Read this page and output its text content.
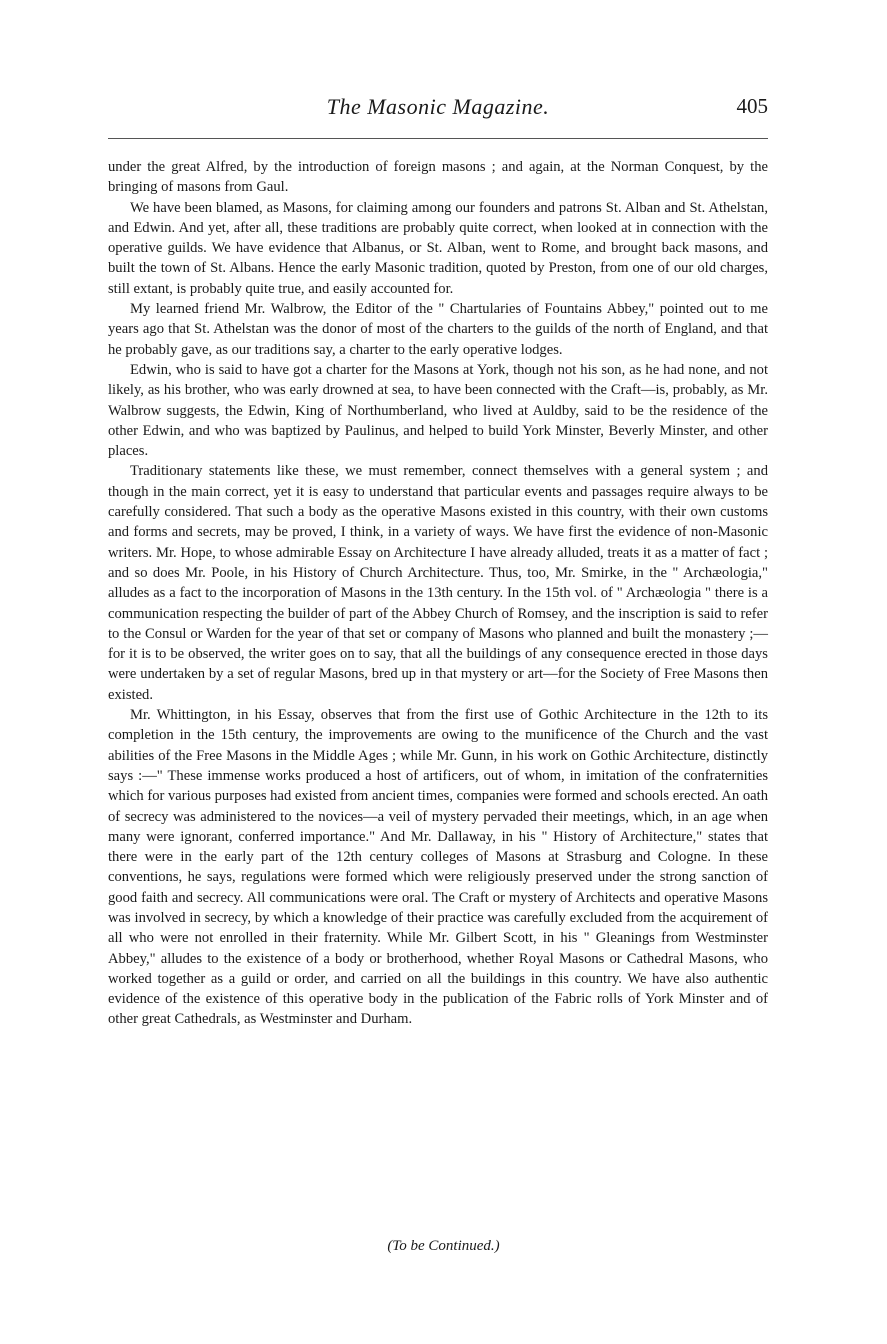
The Masonic Magazine.	405

under the great Alfred, by the introduction of foreign masons ; and again, at the Norman Conquest, by the bringing of masons from Gaul.

We have been blamed, as Masons, for claiming among our founders and patrons St. Alban and St. Athelstan, and Edwin. And yet, after all, these traditions are probably quite correct, when looked at in connection with the operative guilds. We have evidence that Albanus, or St. Alban, went to Rome, and brought back masons, and built the town of St. Albans. Hence the early Masonic tradition, quoted by Preston, from one of our old charges, still extant, is probably quite true, and easily accounted for.

My learned friend Mr. Walbrow, the Editor of the " Chartularies of Fountains Abbey," pointed out to me years ago that St. Athelstan was the donor of most of the charters to the guilds of the north of England, and that he probably gave, as our traditions say, a charter to the early operative lodges.

Edwin, who is said to have got a charter for the Masons at York, though not his son, as he had none, and not likely, as his brother, who was early drowned at sea, to have been connected with the Craft—is, probably, as Mr. Walbrow suggests, the Edwin, King of Northumberland, who lived at Auldby, said to be the residence of the other Edwin, and who was baptized by Paulinus, and helped to build York Minster, Beverly Minster, and other places.

Traditionary statements like these, we must remember, connect themselves with a general system ; and though in the main correct, yet it is easy to understand that particular events and passages require always to be carefully considered. That such a body as the operative Masons existed in this country, with their own customs and forms and secrets, may be proved, I think, in a variety of ways. We have first the evidence of non-Masonic writers. Mr. Hope, to whose admirable Essay on Architecture I have already alluded, treats it as a matter of fact ; and so does Mr. Poole, in his History of Church Architecture. Thus, too, Mr. Smirke, in the " Archæologia," alludes as a fact to the incorporation of Masons in the 13th century. In the 15th vol. of " Archæologia " there is a communication respecting the builder of part of the Abbey Church of Romsey, and the inscription is said to refer to the Consul or Warden for the year of that set or company of Masons who planned and built the monastery ;—for it is to be observed, the writer goes on to say, that all the buildings of any consequence erected in those days were undertaken by a set of regular Masons, bred up in that mystery or art—for the Society of Free Masons then existed.

Mr. Whittington, in his Essay, observes that from the first use of Gothic Architecture in the 12th to its completion in the 15th century, the improvements are owing to the munificence of the Church and the vast abilities of the Free Masons in the Middle Ages ; while Mr. Gunn, in his work on Gothic Architecture, distinctly says :—" These immense works produced a host of artificers, out of whom, in imitation of the confraternities which for various purposes had existed from ancient times, companies were formed and schools erected. An oath of secrecy was administered to the novices—a veil of mystery pervaded their meetings, which, in an age when many were ignorant, conferred importance." And Mr. Dallaway, in his " History of Architecture," states that there were in the early part of the 12th century colleges of Masons at Strasburg and Cologne. In these conventions, he says, regulations were formed which were religiously preserved under the strong sanction of good faith and secrecy. All communications were oral. The Craft or mystery of Architects and operative Masons was involved in secrecy, by which a knowledge of their practice was carefully excluded from the acquirement of all who were not enrolled in their fraternity. While Mr. Gilbert Scott, in his " Gleanings from Westminster Abbey," alludes to the existence of a body or brotherhood, whether Royal Masons or Cathedral Masons, who worked together as a guild or order, and carried on all the buildings in this country. We have also authentic evidence of the existence of this operative body in the publication of the Fabric rolls of York Minster and of other great Cathedrals, as Westminster and Durham.

(To be Continued.)
